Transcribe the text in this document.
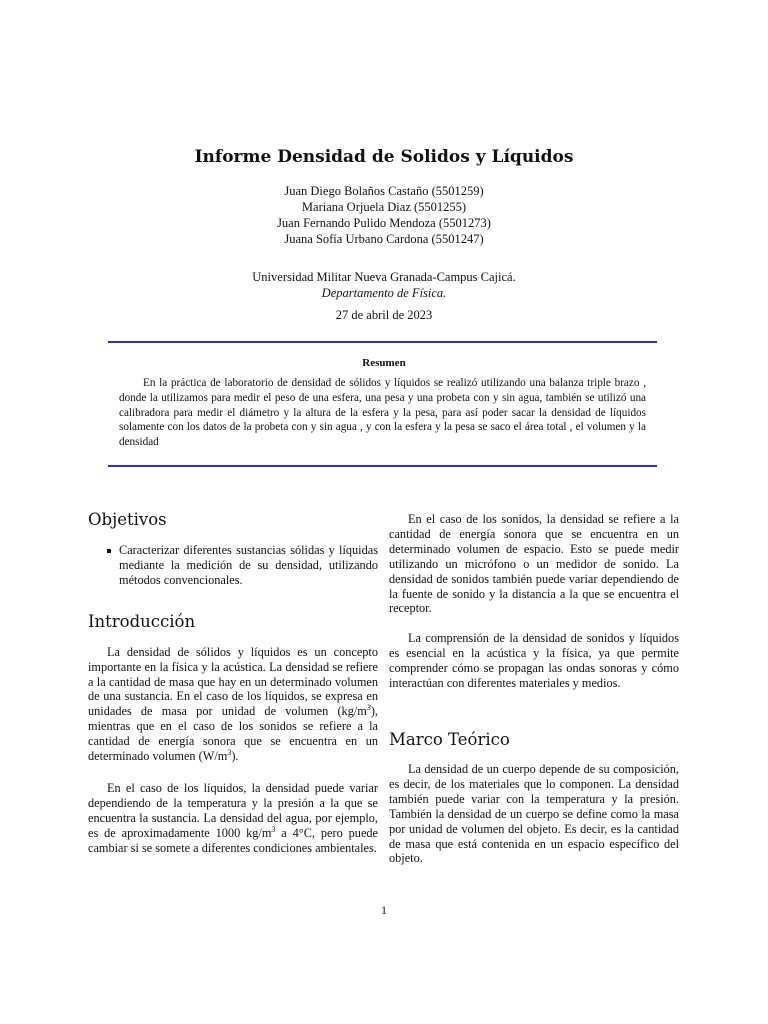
Informe Densidad de Solidos y Líquidos
Juan Diego Bolaños Castaño (5501259)
Mariana Orjuela Diaz (5501255)
Juan Fernando Pulido Mendoza (5501273)
Juana Sofía Urbano Cardona (5501247)
Universidad Militar Nueva Granada-Campus Cajicá.
Departamento de Física.
27 de abril de 2023
Resumen

En la práctica de laboratorio de densidad de sólidos y líquidos se realizó utilizando una balanza triple brazo , donde la utilizamos para medir el peso de una esfera, una pesa y una probeta con y sin agua, también se utilizó una calibradora para medir el diámetro y la altura de la esfera y la pesa, para así poder sacar la densidad de líquidos solamente con los datos de la probeta con y sin agua , y con la esfera y la pesa se saco el área total , el volumen y la densidad

Objetivos
Caracterizar diferentes sustancias sólidas y líquidas mediante la medición de su densidad, utilizando métodos convencionales.
Introducción

La densidad de sólidos y líquidos es un concepto importante en la física y la acústica. La densidad se refiere a la cantidad de masa que hay en un determinado volumen de una sustancia. En el caso de los líquidos, se expresa en unidades de masa por unidad de volumen $(kg/m^3)$, mientras que en el caso de los sonidos se refiere a la cantidad de energía sonora que se encuentra en un determinado volumen $(W/m^3)$.

En el caso de los líquidos, la densidad puede variar dependiendo de la temperatura y la presión a la que se encuentra la sustancia. La densidad del agua, por ejemplo, es de aproximadamente 1000 $kg/m^3$ a 4°C, pero puede cambiar si se somete a diferentes condiciones ambientales.

En el caso de los sonidos, la densidad se refiere a la cantidad de energía sonora que se encuentra en un determinado volumen de espacio. Esto se puede medir utilizando un micrófono o un medidor de sonido. La densidad de sonidos también puede variar dependiendo de la fuente de sonido y la distancia a la que se encuentra el receptor.

La comprensión de la densidad de sonidos y líquidos es esencial en la acústica y la física, ya que permite comprender cómo se propagan las ondas sonoras y cómo interactúan con diferentes materiales y medios.

Marco Teórico

La densidad de un cuerpo depende de su composición, es decir, de los materiales que lo componen. La densidad también puede variar con la temperatura y la presión. También la densidad de un cuerpo se define como la masa por unidad de volumen del objeto. Es decir, es la cantidad de masa que está contenida en un espacio específico del objeto.

1
